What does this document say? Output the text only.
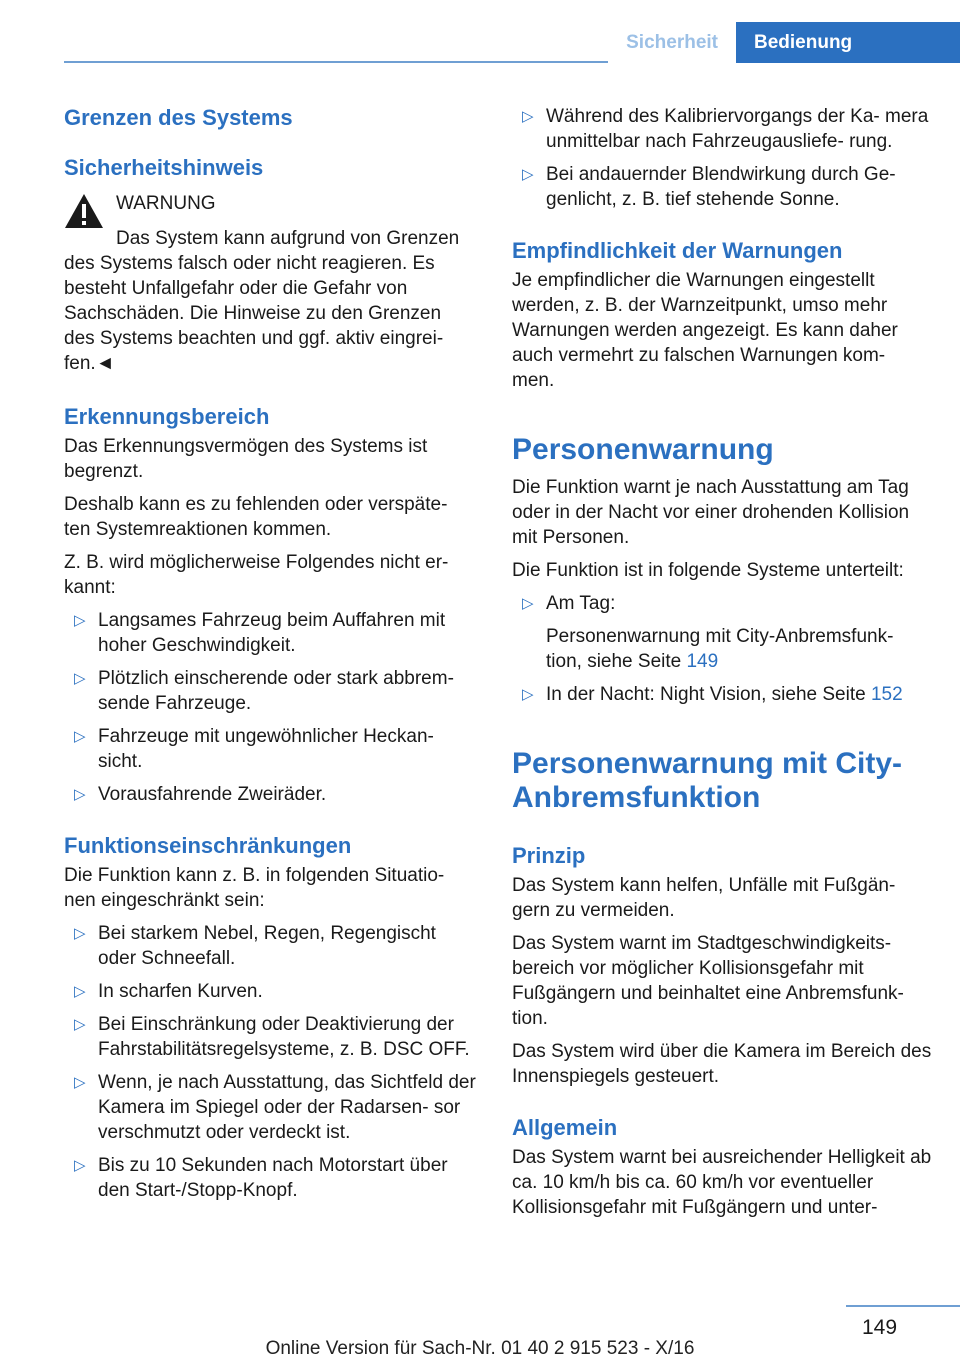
Sicherheit	Bedienung
Grenzen des Systems
Sicherheitshinweis
WARNUNG

Das System kann aufgrund von Grenzen des Systems falsch oder nicht reagieren. Es besteht Unfallgefahr oder die Gefahr von Sachschäden. Die Hinweise zu den Grenzen des Systems beachten und ggf. aktiv eingrei‐ fen.◄

Erkennungsbereich

Das Erkennungsvermögen des Systems ist begrenzt.

Deshalb kann es zu fehlenden oder verspäte‐ ten Systemreaktionen kommen.

Z. B. wird möglicherweise Folgendes nicht er‐ kannt:

▷ Langsames Fahrzeug beim Auffahren mit hoher Geschwindigkeit.
▷ Plötzlich einscherende oder stark abbrem‐ sende Fahrzeuge.
▷ Fahrzeuge mit ungewöhnlicher Heckan‐ sicht.
▷ Vorausfahrende Zweiräder.
Funktionseinschränkungen

Die Funktion kann z. B. in folgenden Situatio‐ nen eingeschränkt sein:

▷ Bei starkem Nebel, Regen, Regengischt oder Schneefall.
▷ In scharfen Kurven.
▷ Bei Einschränkung oder Deaktivierung der Fahrstabilitätsregelsysteme, z. B. DSC OFF.
▷ Wenn, je nach Ausstattung, das Sichtfeld der Kamera im Spiegel oder der Radarsen‐ sor verschmutzt oder verdeckt ist.
▷ Bis zu 10 Sekunden nach Motorstart über den Start-/Stopp-Knopf.
▷ Während des Kalibriervorgangs der Ka‐ mera unmittelbar nach Fahrzeugausliefe‐ rung.
▷ Bei andauernder Blendwirkung durch Ge‐ genlicht, z. B. tief stehende Sonne.
Empfindlichkeit der Warnungen

Je empfindlicher die Warnungen eingestellt werden, z. B. der Warnzeitpunkt, umso mehr Warnungen werden angezeigt. Es kann daher auch vermehrt zu falschen Warnungen kom‐ men.

Personenwarnung

Die Funktion warnt je nach Ausstattung am Tag oder in der Nacht vor einer drohenden Kollision mit Personen.

Die Funktion ist in folgende Systeme unterteilt:

▷ Am Tag:

Personenwarnung mit City-Anbremsfunk‐ tion, siehe Seite 149
▷ In der Nacht: Night Vision, siehe Seite 152
Personenwarnung mit City- Anbremsfunktion
Prinzip

Das System kann helfen, Unfälle mit Fußgän‐ gern zu vermeiden.

Das System warnt im Stadtgeschwindigkeits‐ bereich vor möglicher Kollisionsgefahr mit Fußgängern und beinhaltet eine Anbremsfunk‐ tion.

Das System wird über die Kamera im Bereich des Innenspiegels gesteuert.

Allgemein

Das System warnt bei ausreichender Helligkeit ab ca. 10 km/h bis ca. 60 km/h vor eventueller Kollisionsgefahr mit Fußgängern und unter‐

149
Online Version für Sach-Nr. 01 40 2 915 523 - X/16
